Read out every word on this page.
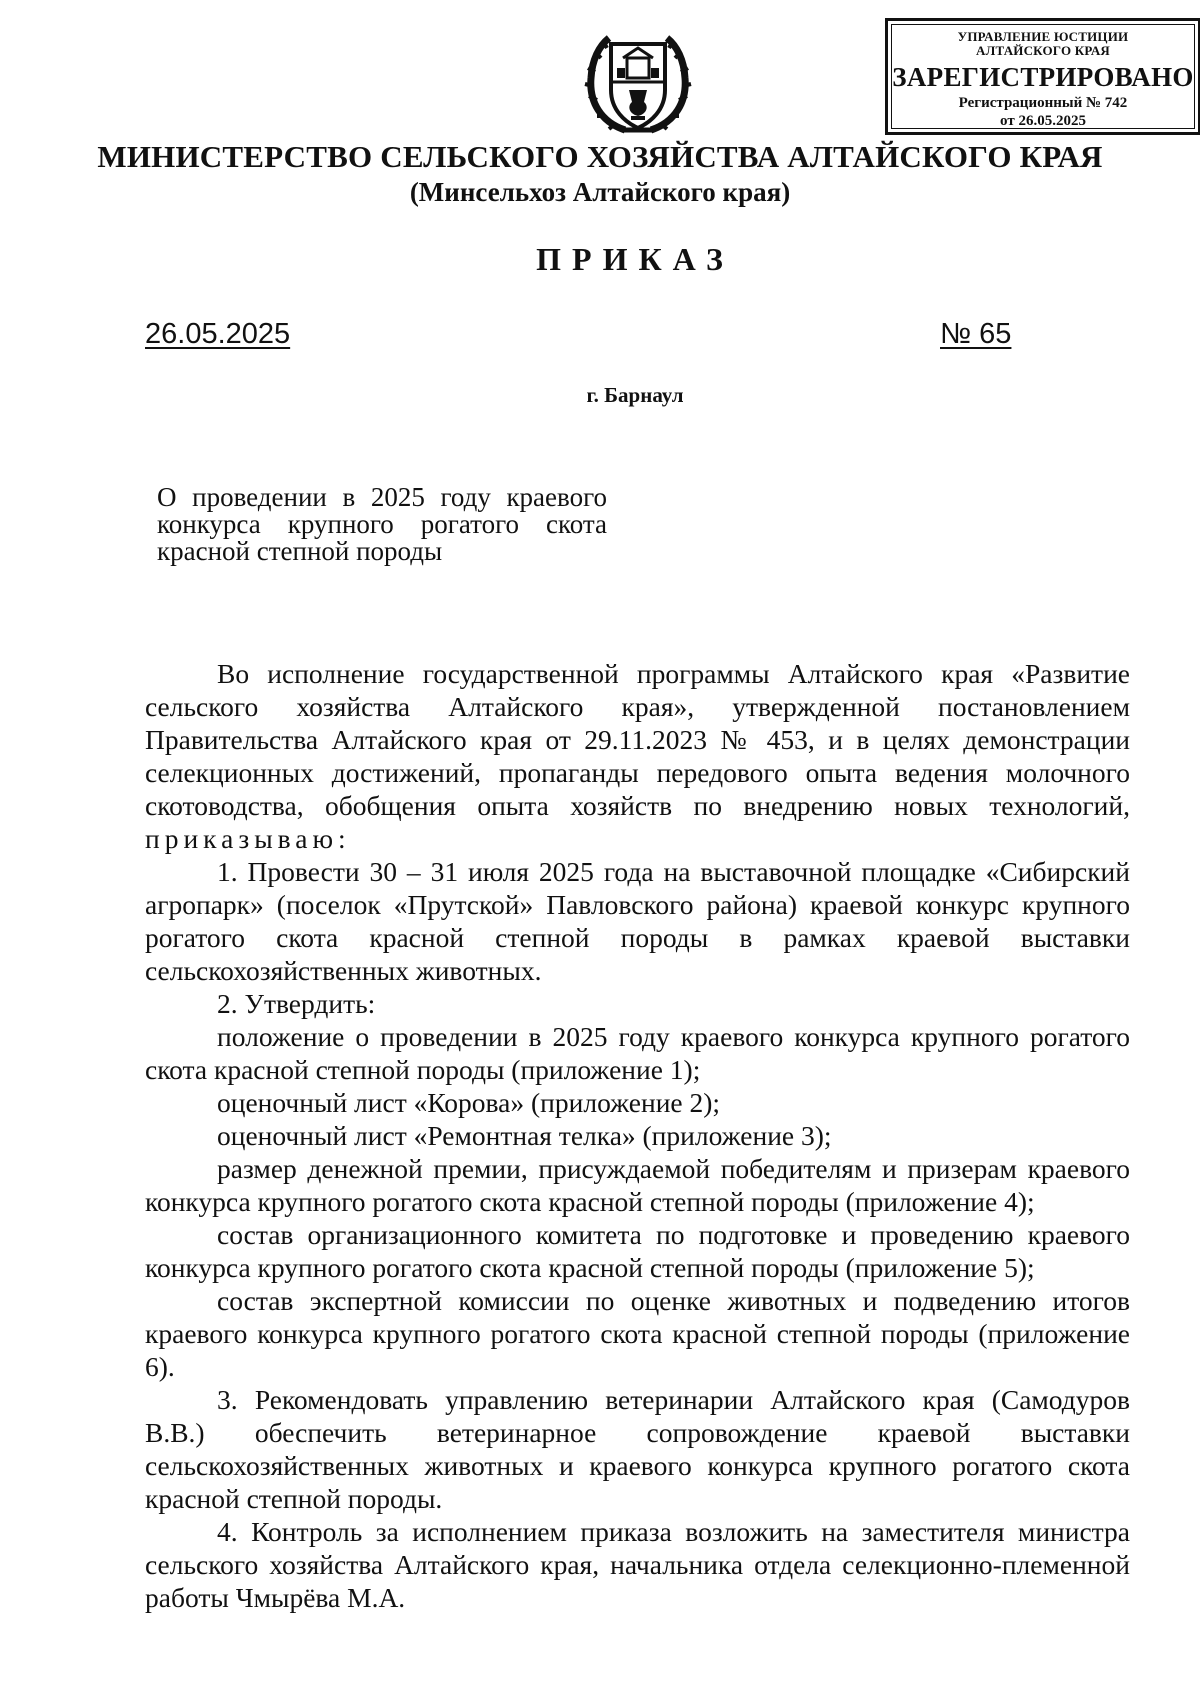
УПРАВЛЕНИЕ ЮСТИЦИИ
АЛТАЙСКОГО КРАЯ
ЗАРЕГИСТРИРОВАНО
Регистрационный № 742
от 26.05.2025
МИНИСТЕРСТВО СЕЛЬСКОГО ХОЗЯЙСТВА АЛТАЙСКОГО КРАЯ
(Минсельхоз Алтайского края)
ПРИКАЗ
26.05.2025	№ 65
г. Барнаул
О проведении в 2025 году краевого
конкурса крупного рогатого скота
красной степной породы

Во исполнение государственной программы Алтайского края «Развитие сельского хозяйства Алтайского края», утвержденной постановлением Правительства Алтайского края от 29.11.2023 № 453, и в целях демонстрации селекционных достижений, пропаганды передового опыта ведения молочного скотоводства, обобщения опыта хозяйств по внедрению новых технологий, приказываю:

1. Провести 30 – 31 июля 2025 года на выставочной площадке «Сибирский агропарк» (поселок «Прутской» Павловского района) краевой конкурс крупного рогатого скота красной степной породы в рамках краевой выставки сельскохозяйственных животных.

2. Утвердить:

положение о проведении в 2025 году краевого конкурса крупного рогатого скота красной степной породы (приложение 1);

оценочный лист «Корова» (приложение 2);

оценочный лист «Ремонтная телка» (приложение 3);

размер денежной премии, присуждаемой победителям и призерам краевого конкурса крупного рогатого скота красной степной породы (приложение 4);

состав организационного комитета по подготовке и проведению краевого конкурса крупного рогатого скота красной степной породы (приложение 5);

состав экспертной комиссии по оценке животных и подведению итогов краевого конкурса крупного рогатого скота красной степной породы (приложение 6).

3. Рекомендовать управлению ветеринарии Алтайского края (Самодуров В.В.) обеспечить ветеринарное сопровождение краевой выставки сельскохозяйственных животных и краевого конкурса крупного рогатого скота красной степной породы.

4. Контроль за исполнением приказа возложить на заместителя министра сельского хозяйства Алтайского края, начальника отдела селекционно-племенной работы Чмырёва М.А.
